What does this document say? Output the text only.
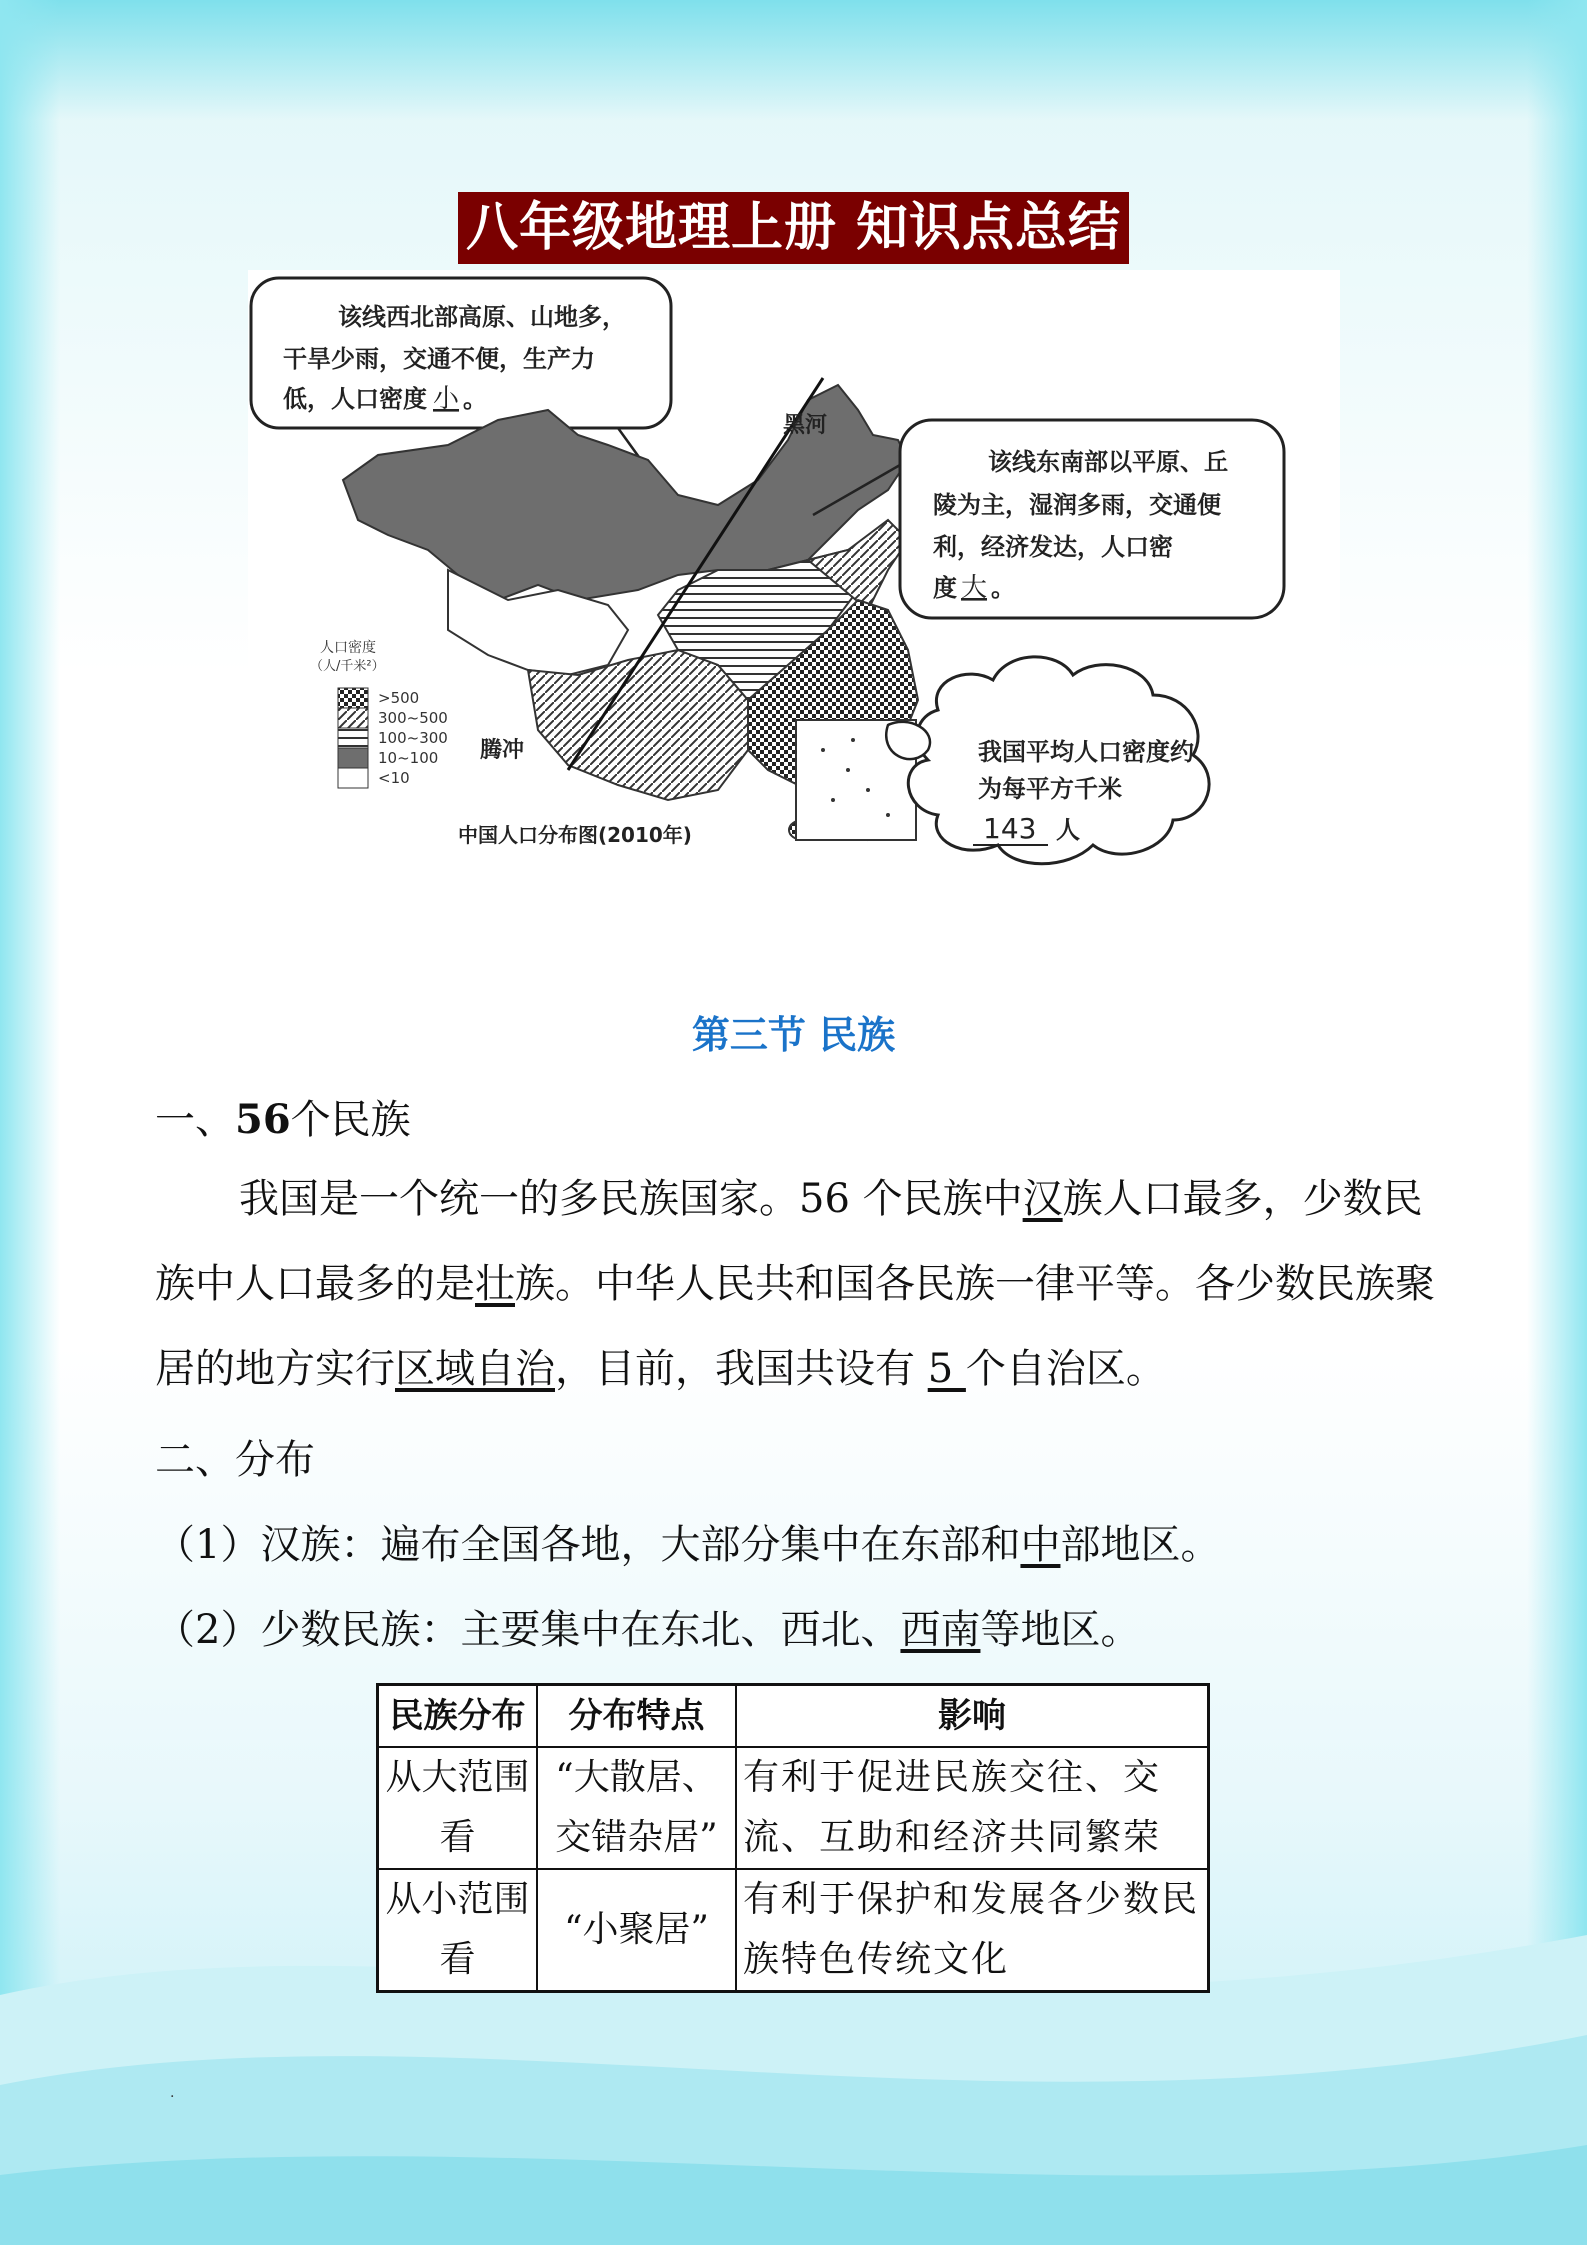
八年级地理上册 知识点总结
该线西北部高原、山地多，
干旱少雨，交通不便，生产力
低，人口密度 小 。
黑河
腾冲
人口密度
（人/千米²）
>500
300~500
100~300
10~100
<10
中国人口分布图(2010年)
该线东南部以平原、丘
陵为主，湿润多雨，交通便
利，经济发达，人口密
度 大 。
我国平均人口密度约
为每平方千米
143 人
第三节 民族
一、56个民族
我国是一个统一的多民族国家。56 个民族中汉族人口最多，少数民族中人口最多的是壮族。中华人民共和国各民族一律平等。各少数民族聚居的地方实行区域自治，目前，我国共设有 5 个自治区。
二、分布
（1）汉族：遍布全国各地，大部分集中在东部和中部地区。
（2）少数民族：主要集中在东北、西北、西南等地区。
民族分布	分布特点	影响
从大范围看	“大散居、交错杂居”	有利于促进民族交往、交流、互助和经济共同繁荣
从小范围看	“小聚居”	有利于保护和发展各少数民族特色传统文化
.
